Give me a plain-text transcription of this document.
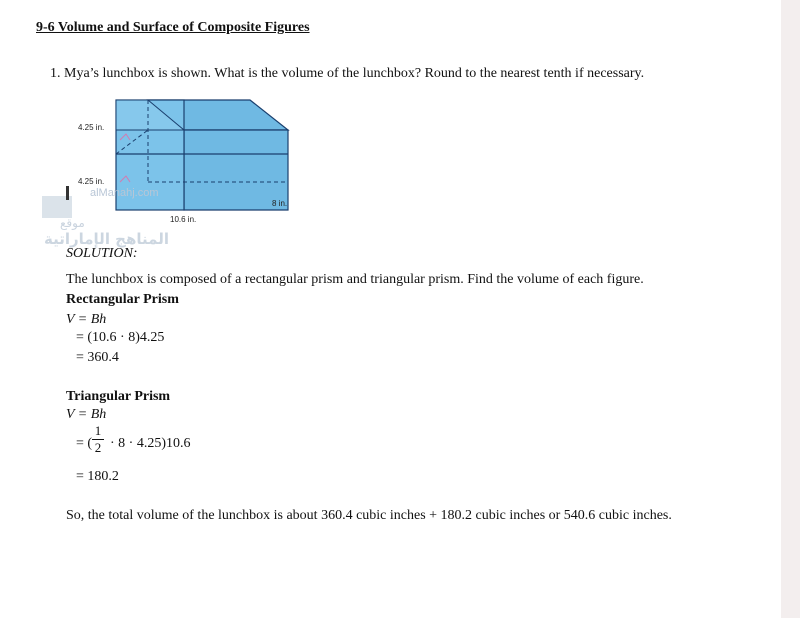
9-6 Volume and Surface of Composite Figures
1. Mya’s lunchbox is shown. What is the volume of the lunchbox? Round to the nearest tenth if necessary.
4.25 in.
4.25 in.
10.6 in.
8 in.
alManahj.com
موقع
المناهج الإماراتية
SOLUTION:
The lunchbox is composed of a rectangular prism and triangular prism. Find the volume of each figure.
Rectangular Prism
V = Bh
= (10.6 · 8)4.25
= 360.4
Triangular Prism
V = Bh
= (
1
2 · 8 · 4.25)10.6
= 180.2
So, the total volume of the lunchbox is about 360.4 cubic inches + 180.2 cubic inches or 540.6 cubic inches.
